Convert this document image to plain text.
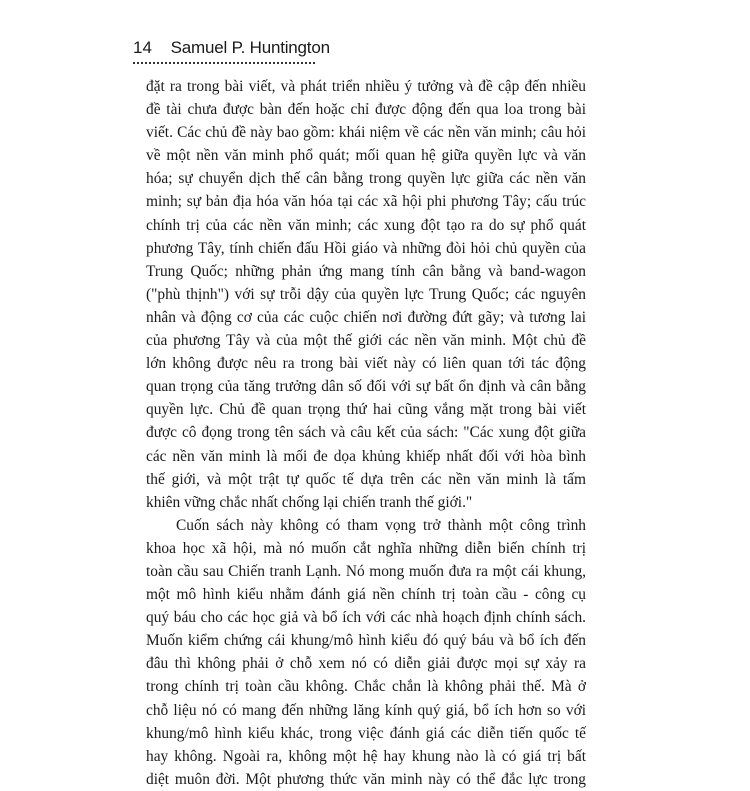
14 Samuel P. Huntington
đặt ra trong bài viết, và phát triển nhiều ý tưởng và đề cập đến nhiều
đề tài chưa được bàn đến hoặc chỉ được động đến qua loa trong bài
viết. Các chủ đề này bao gồm: khái niệm về các nền văn minh; câu hỏi
về một nền văn minh phổ quát; mối quan hệ giữa quyền lực và văn
hóa; sự chuyển dịch thế cân bằng trong quyền lực giữa các nền văn
minh; sự bản địa hóa văn hóa tại các xã hội phi phương Tây; cấu trúc
chính trị của các nền văn minh; các xung đột tạo ra do sự phổ quát
phương Tây, tính chiến đấu Hồi giáo và những đòi hỏi chủ quyền của
Trung Quốc; những phản ứng mang tính cân bằng và band-wagon
("phù thịnh") với sự trỗi dậy của quyền lực Trung Quốc; các nguyên
nhân và động cơ của các cuộc chiến nơi đường đứt gãy; và tương lai
của phương Tây và của một thế giới các nền văn minh. Một chủ đề
lớn không được nêu ra trong bài viết này có liên quan tới tác động
quan trọng của tăng trưởng dân số đối với sự bất ổn định và cân bằng
quyền lực. Chủ đề quan trọng thứ hai cũng vắng mặt trong bài viết
được cô đọng trong tên sách và câu kết của sách: "Các xung đột giữa
các nền văn minh là mối đe dọa khủng khiếp nhất đối với hòa bình
thế giới, và một trật tự quốc tế dựa trên các nền văn minh là tấm
khiên vững chắc nhất chống lại chiến tranh thế giới."
Cuốn sách này không có tham vọng trở thành một công trình
khoa học xã hội, mà nó muốn cắt nghĩa những diễn biến chính trị
toàn cầu sau Chiến tranh Lạnh. Nó mong muốn đưa ra một cái khung,
một mô hình kiểu nhằm đánh giá nền chính trị toàn cầu - công cụ
quý báu cho các học giả và bổ ích với các nhà hoạch định chính sách.
Muốn kiểm chứng cái khung/mô hình kiểu đó quý báu và bổ ích đến
đâu thì không phải ở chỗ xem nó có diễn giải được mọi sự xảy ra
trong chính trị toàn cầu không. Chắc chắn là không phải thế. Mà ở
chỗ liệu nó có mang đến những lăng kính quý giá, bổ ích hơn so với
khung/mô hình kiểu khác, trong việc đánh giá các diễn tiến quốc tế
hay không. Ngoài ra, không một hệ hay khung nào là có giá trị bất
diệt muôn đời. Một phương thức văn minh này có thể đắc lực trong
